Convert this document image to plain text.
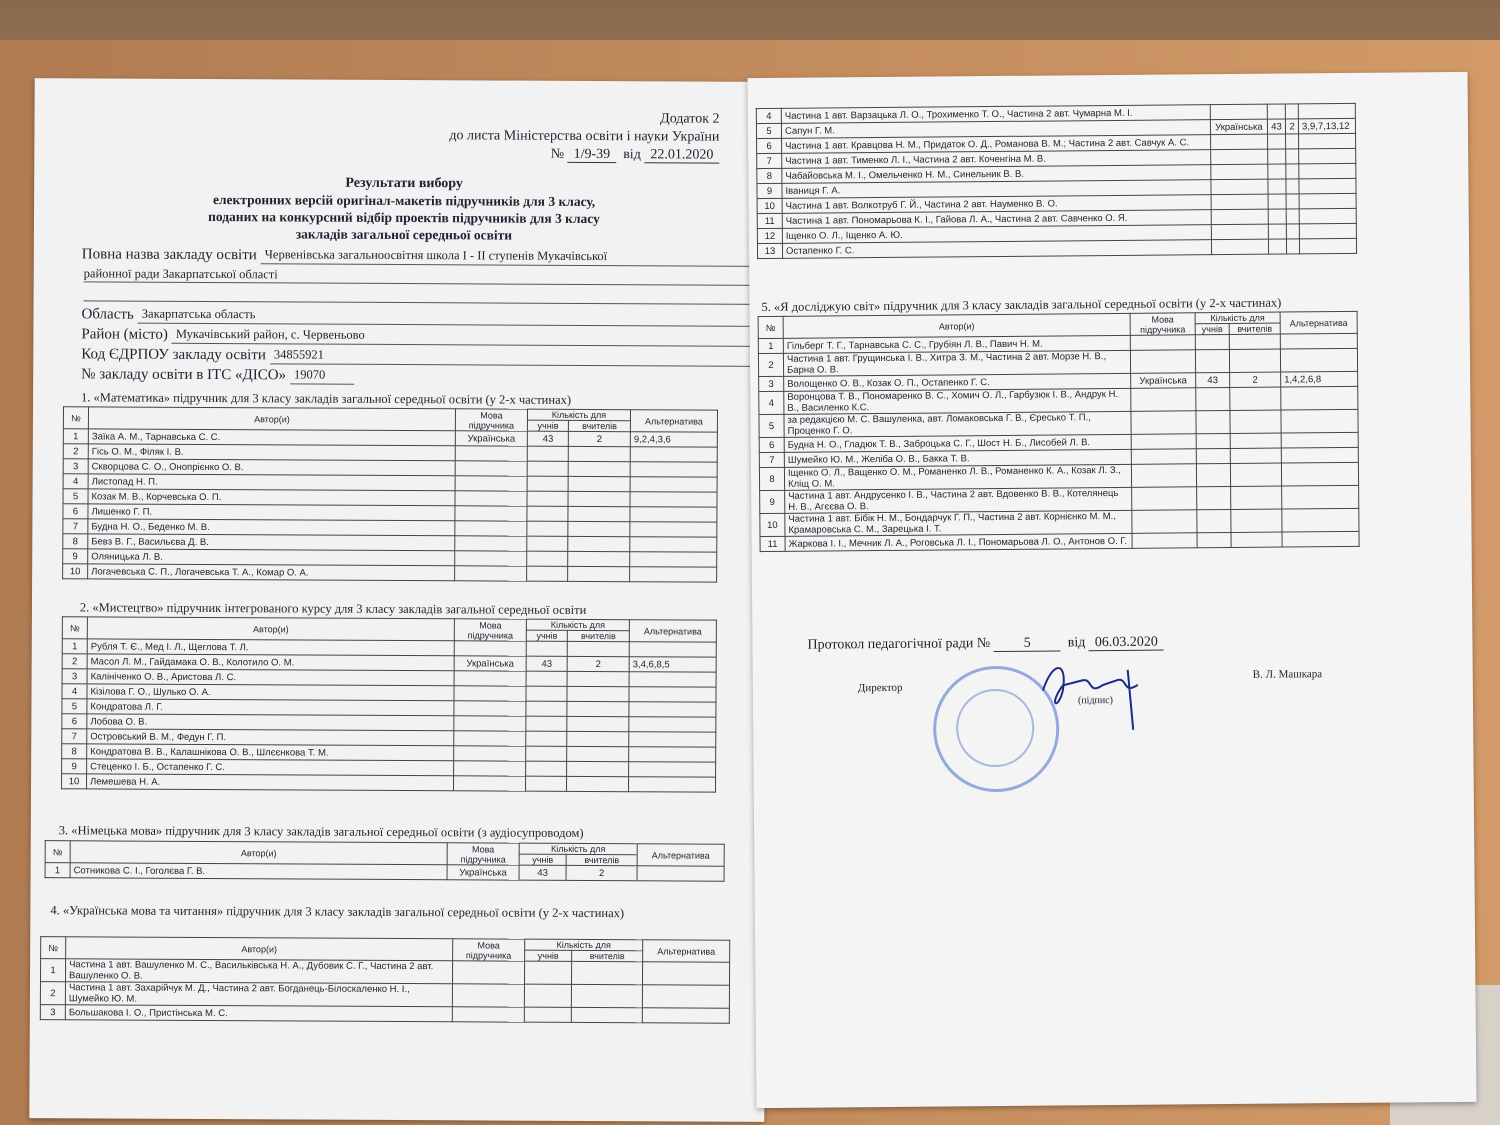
Додаток 2
до листа Міністерства освіти і науки України
№ 1/9-39 від 22.01.2020
Результати вибору
електронних версій оригінал-макетів підручників для 3 класу,
поданих на конкурсний відбір проектів підручників для 3 класу
закладів загальної середньої освіти
Повна назва закладу освіти Червенівська загальноосвітня школа І - ІІ ступенів Мукачівської
районної ради Закарпатської області
Область Закарпатська область
Район (місто) Мукачівський район, с. Червеньово
Код ЄДРПОУ закладу освіти 34855921
№ закладу освіти в ІТС «ДІСО» 19070
1. «Математика» підручник для 3 класу закладів загальної середньої освіти (у 2-х частинах)
№	Автор(и)	Мова підручника	Кількість для		Альтернатива
			учнів	вчителів	
1	Заїка А. М., Тарнавська С. С.	Українська	43	2	9,2,4,3,6
2	Гісь О. М., Філяк І. В.				
3	Скворцова С. О., Онопрієнко О. В.				
4	Листопад Н. П.				
5	Козак М. В., Корчевська О. П.				
6	Лишенко Г. П.				
7	Будна Н. О., Беденко М. В.				
8	Бевз В. Г., Васильєва Д. В.				
9	Оляницька Л. В.				
10	Логачевська С. П., Логачевська Т. А., Комар О. А.				
2. «Мистецтво» підручник інтегрованого курсу для 3 класу закладів загальної середньої освіти
№	Автор(и)	Мова підручника	Кількість для		Альтернатива
			учнів	вчителів	
1	Рубля Т. Є., Мед І. Л., Щеглова Т. Л.				
2	Масол Л. М., Гайдамака О. В., Колотило О. М.	Українська	43	2	3,4,6,8,5
3	Калініченко О. В., Аристова Л. С.				
4	Кізілова Г. О., Шулько О. А.				
5	Кондратова Л. Г.				
6	Лобова О. В.				
7	Островський В. М., Федун Г. П.				
8	Кондратова В. В., Калашнікова О. В., Шлєєнкова Т. М.				
9	Стеценко І. Б., Остапенко Г. С.				
10	Лемешева Н. А.				
3. «Німецька мова» підручник для 3 класу закладів загальної середньої освіти (з аудіосупроводом)
№	Автор(и)	Мова підручника	Кількість для		Альтернатива
			учнів	вчителів	
1	Сотникова С. І., Гоголєва Г. В.	Українська	43	2	
4. «Українська мова та читання» підручник для 3 класу закладів загальної середньої освіти (у 2-х частинах)
№	Автор(и)	Мова підручника	Кількість для		Альтернатива
			учнів	вчителів	
1	Частина 1 авт. Вашуленко М. С., Васильківська Н. А., Дубовик С. Г., Частина 2 авт. Вашуленко О. В.				
2	Частина 1 авт. Захарійчук М. Д., Частина 2 авт. Богданець-Білоскаленко Н. І., Шумейко Ю. М.				
3	Большакова І. О., Пристінська М. С.				
4	Частина 1 авт. Варзацька Л. О., Трохименко Т. О., Частина 2 авт. Чумарна М. І.				
5	Сапун Г. М.	Українська	43	2	3,9,7,13,12
6	Частина 1 авт. Кравцова Н. М., Придаток О. Д., Романова В. М.; Частина 2 авт. Савчук А. С.				
7	Частина 1 авт. Тименко Л. І., Частина 2 авт. Коченгіна М. В.				
8	Чабайовська М. І., Омельченко Н. М., Синельник В. В.				
9	Іваниця Г. А.				
10	Частина 1 авт. Волкотруб Г. Й., Частина 2 авт. Науменко В. О.				
11	Частина 1 авт. Пономарьова К. І., Гайова Л. А., Частина 2 авт. Савченко О. Я.				
12	Іщенко О. Л., Іщенко А. Ю.				
13	Остапенко Г. С.				
5. «Я досліджую світ» підручник для 3 класу закладів загальної середньої освіти (у 2-х частинах)
№	Автор(и)	Мова підручника	Кількість для		Альтернатива
			учнів	вчителів	
1	Гільберг Т. Г., Тарнавська С. С., Грубіян Л. В., Павич Н. М.				
2	Частина 1 авт. Грущинська І. В., Хитра З. М., Частина 2 авт. Морзе Н. В., Барна О. В.				
3	Волощенко О. В., Козак О. П., Остапенко Г. С.	Українська	43	2	1,4,2,6,8
4	Воронцова Т. В., Пономаренко В. С., Хомич О. Л., Гарбузюк І. В., Андрук Н. В., Василенко К.С.				
5	за редакцією М. С. Вашуленка, авт. Ломаковська Г. В., Єресько Т. П., Проценко Г. О.				
6	Будна Н. О., Гладюк Т. В., Заброцька С. Г., Шост Н. Б., Лисобей Л. В.				
7	Шумейко Ю. М., Желіба О. В., Бакка Т. В.				
8	Іщенко О. Л., Ващенко О. М., Романенко Л. В., Романенко К. А., Козак Л. З., Кліщ О. М.				
9	Частина 1 авт. Андрусенко І. В., Частина 2 авт. Вдовенко В. В., Котелянець Н. В., Агєєва О. В.				
10	Частина 1 авт. Бібік Н. М., Бондарчук Г. П., Частина 2 авт. Корнієнко М. М., Крамаровська С. М., Зарецька І. Т.				
11	Жаркова І. І., Мечник Л. А., Роговська Л. І., Пономарьова Л. О., Антонов О. Г.				
Протокол педагогічної ради № 5	від 06.03.2020
Директор
(підпис)
В. Л. Машкара
